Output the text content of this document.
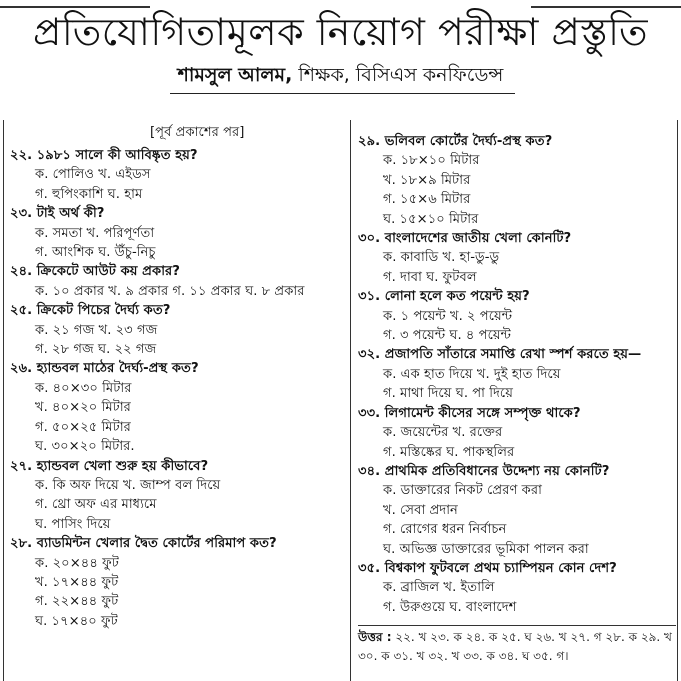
প্রতিযোগিতামূলক নিয়োগ পরীক্ষা প্রস্তুতি
শামসুল আলম, শিক্ষক, বিসিএস কনফিডেন্স
[পূর্ব প্রকাশের পর]
২২. ১৯৮১ সালে কী আবিষ্কৃত হয়?
ক. পোলিও খ. এইডস
গ. হুপিংকাশি ঘ. হাম
২৩. টাই অর্থ কী?
ক. সমতা খ. পরিপূর্ণতা
গ. আংশিক ঘ. উঁচু-নিচু
২৪. ক্রিকেটে আউট কয় প্রকার?
ক. ১০ প্রকার খ. ৯ প্রকার গ. ১১ প্রকার ঘ. ৮ প্রকার
২৫. ক্রিকেট পিচের দৈর্ঘ্য কত?
ক. ২১ গজ খ. ২৩ গজ
গ. ২৮ গজ ঘ. ২২ গজ
২৬. হ্যান্ডবল মাঠের দৈর্ঘ্য-প্রস্থ কত?
ক. ৪০×৩০ মিটার
খ. ৪০×২০ মিটার
গ. ৫০×২৫ মিটার
ঘ. ৩০×২০ মিটার.
২৭. হ্যান্ডবল খেলা শুরু হয় কীভাবে?
ক. কি অফ দিয়ে খ. জাম্প বল দিয়ে
গ. থ্রো অফ এর মাধ্যমে
ঘ. পাসিং দিয়ে
২৮. ব্যাডমিন্টন খেলার দ্বৈত কোর্টের পরিমাপ কত?
ক. ২০×৪৪ ফুট
খ. ১৭×৪৪ ফুট
গ. ২২×৪৪ ফুট
ঘ. ১৭×৪০ ফুট
২৯. ভলিবল কোর্টের দৈর্ঘ্য-প্রস্থ কত?
ক. ১৮×১০ মিটার
খ. ১৮×৯ মিটার
গ. ১৫×৬ মিটার
ঘ. ১৫×১০ মিটার
৩০. বাংলাদেশের জাতীয় খেলা কোনটি?
ক. কাবাডি খ. হা-ডু-ডু
গ. দাবা ঘ. ফুটবল
৩১. লোনা হলে কত পয়েন্ট হয়?
ক. ১ পয়েন্ট খ. ২ পয়েন্ট
গ. ৩ পয়েন্ট ঘ. ৪ পয়েন্ট
৩২. প্রজাপতি সাঁতারে সমাপ্তি রেখা স্পর্শ করতে হয়—
ক. এক হাত দিয়ে খ. দুই হাত দিয়ে
গ. মাথা দিয়ে ঘ. পা দিয়ে
৩৩. লিগামেন্ট কীসের সঙ্গে সম্পৃক্ত থাকে?
ক. জয়েন্টের খ. রক্তের
গ. মস্তিষ্কের ঘ. পাকস্থলির
৩৪. প্রাথমিক প্রতিবিধানের উদ্দেশ্য নয় কোনটি?
ক. ডাক্তারের নিকট প্রেরণ করা
খ. সেবা প্রদান
গ. রোগের ধরন নির্বাচন
ঘ. অভিজ্ঞ ডাক্তারের ভূমিকা পালন করা
৩৫. বিশ্বকাপ ফুটবলে প্রথম চ্যাম্পিয়ন কোন দেশ?
ক. ব্রাজিল খ. ইতালি
গ. উরুগুয়ে ঘ. বাংলাদেশ
উত্তর : ২২. খ ২৩. ক ২৪. ক ২৫. ঘ ২৬. খ ২৭. গ ২৮. ক ২৯. খ ৩০. ক ৩১. খ ৩২. খ ৩৩. ক ৩৪. ঘ ৩৫. গ।
